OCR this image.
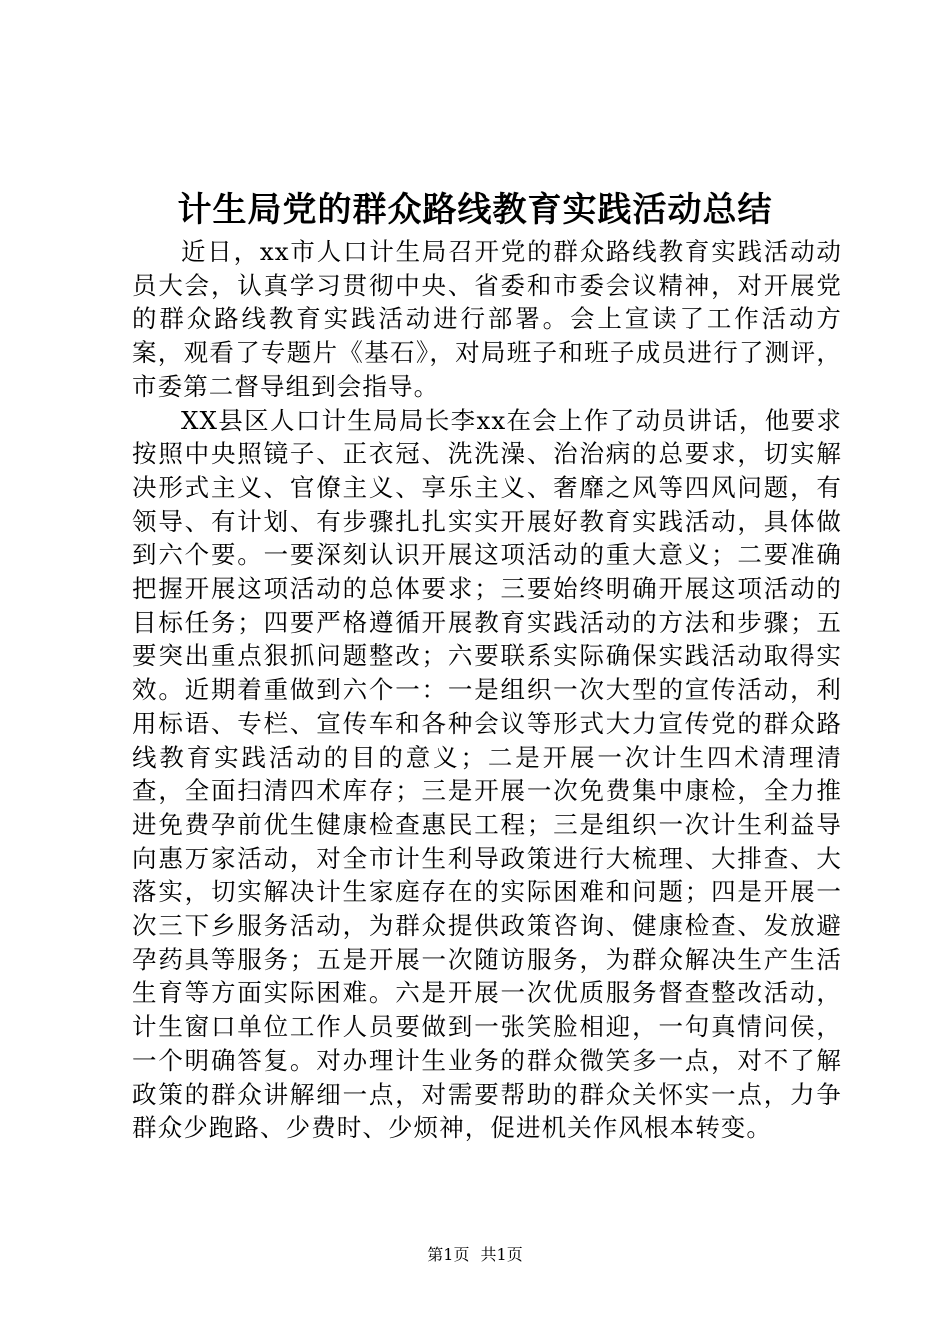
计生局党的群众路线教育实践活动总结

近日，xx市人口计生局召开党的群众路线教育实践活动动员大会，认真学习贯彻中央、省委和市委会议精神，对开展党的群众路线教育实践活动进行部署。会上宣读了工作活动方案，观看了专题片《基石》，对局班子和班子成员进行了测评，市委第二督导组到会指导。

XX县区人口计生局局长李xx在会上作了动员讲话，他要求按照中央照镜子、正衣冠、洗洗澡、治治病的总要求，切实解决形式主义、官僚主义、享乐主义、奢靡之风等四风问题，有领导、有计划、有步骤扎扎实实开展好教育实践活动，具体做到六个要。一要深刻认识开展这项活动的重大意义；二要准确把握开展这项活动的总体要求；三要始终明确开展这项活动的目标任务；四要严格遵循开展教育实践活动的方法和步骤；五要突出重点狠抓问题整改；六要联系实际确保实践活动取得实效。近期着重做到六个一：一是组织一次大型的宣传活动，利用标语、专栏、宣传车和各种会议等形式大力宣传党的群众路线教育实践活动的目的意义；二是开展一次计生四术清理清查，全面扫清四术库存；三是开展一次免费集中康检，全力推进免费孕前优生健康检查惠民工程；三是组织一次计生利益导向惠万家活动，对全市计生利导政策进行大梳理、大排查、大落实，切实解决计生家庭存在的实际困难和问题；四是开展一次三下乡服务活动，为群众提供政策咨询、健康检查、发放避孕药具等服务；五是开展一次随访服务，为群众解决生产生活生育等方面实际困难。六是开展一次优质服务督查整改活动，计生窗口单位工作人员要做到一张笑脸相迎，一句真情问侯，一个明确答复。对办理计生业务的群众微笑多一点，对不了解政策的群众讲解细一点，对需要帮助的群众关怀实一点，力争群众少跑路、少费时、少烦神，促进机关作风根本转变。

第1页 共1页
